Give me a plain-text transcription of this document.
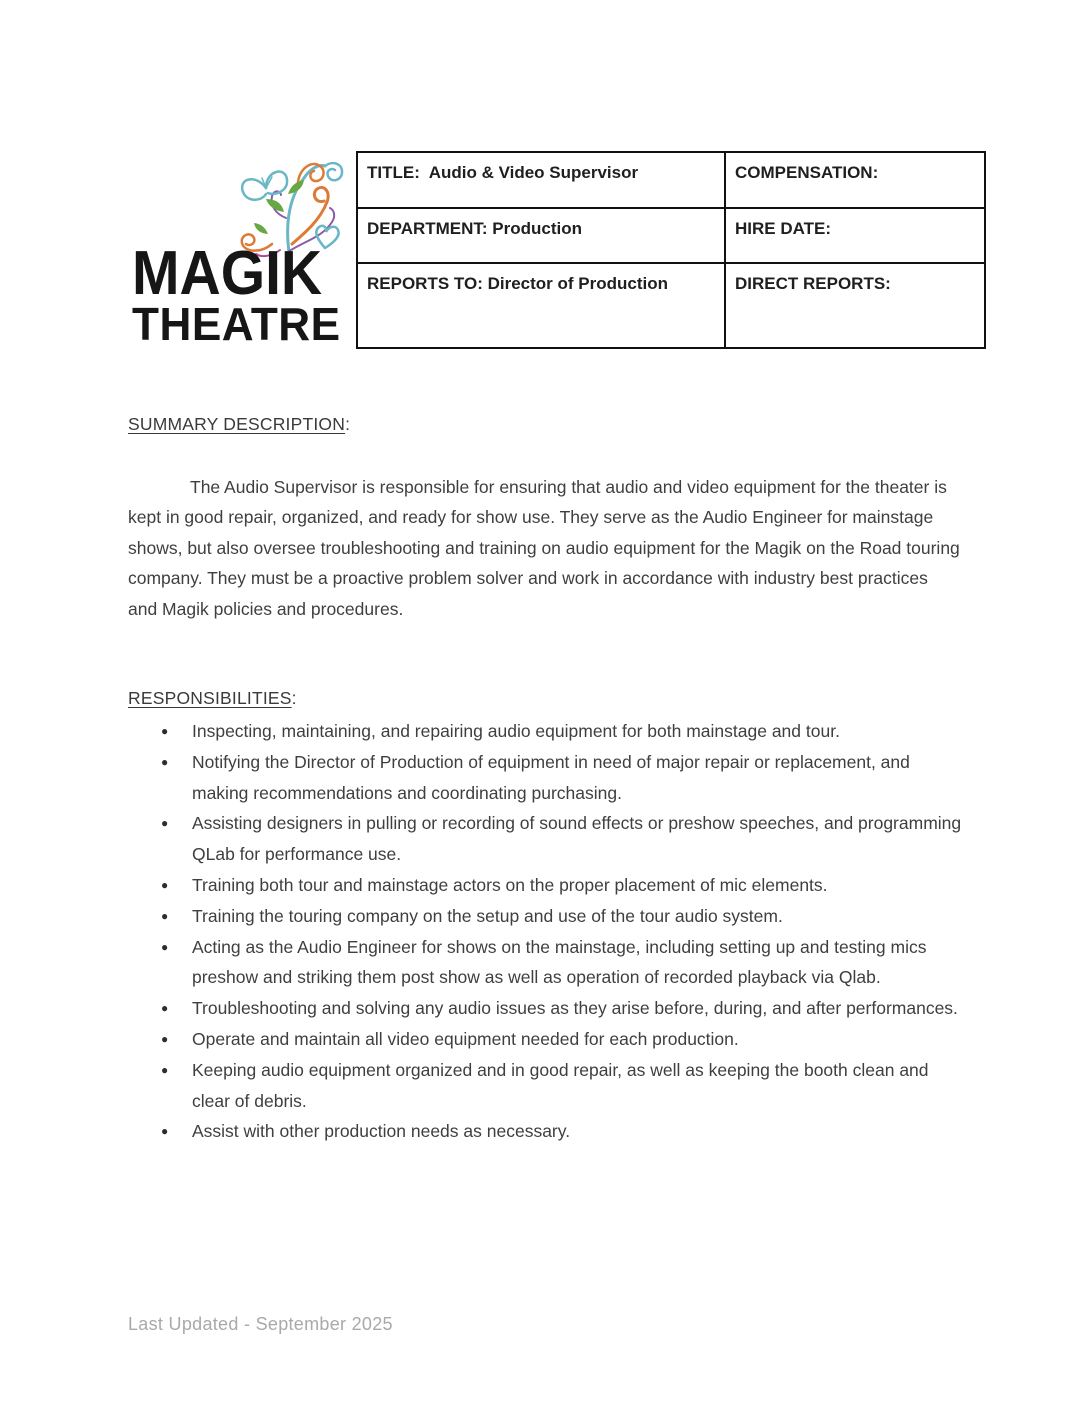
MAGIK
THEATRE
TITLE:  Audio & Video Supervisor	COMPENSATION:
DEPARTMENT: Production	HIRE DATE:
REPORTS TO: Director of Production	DIRECT REPORTS:
SUMMARY DESCRIPTION:
The Audio Supervisor is responsible for ensuring that audio and video equipment for the theater is kept in good repair, organized, and ready for show use. They serve as the Audio Engineer for mainstage shows, but also oversee troubleshooting and training on audio equipment for the Magik on the Road touring company. They must be a proactive problem solver and work in accordance with industry best practices and Magik policies and procedures.
RESPONSIBILITIES:
● Inspecting, maintaining, and repairing audio equipment for both mainstage and tour.
● Notifying the Director of Production of equipment in need of major repair or replacement, and making recommendations and coordinating purchasing.
● Assisting designers in pulling or recording of sound effects or preshow speeches, and programming QLab for performance use.
● Training both tour and mainstage actors on the proper placement of mic elements.
● Training the touring company on the setup and use of the tour audio system.
● Acting as the Audio Engineer for shows on the mainstage, including setting up and testing mics preshow and striking them post show as well as operation of recorded playback via Qlab.
● Troubleshooting and solving any audio issues as they arise before, during, and after performances.
● Operate and maintain all video equipment needed for each production.
● Keeping audio equipment organized and in good repair, as well as keeping the booth clean and clear of debris.
● Assist with other production needs as necessary.
Last Updated - September 2025
